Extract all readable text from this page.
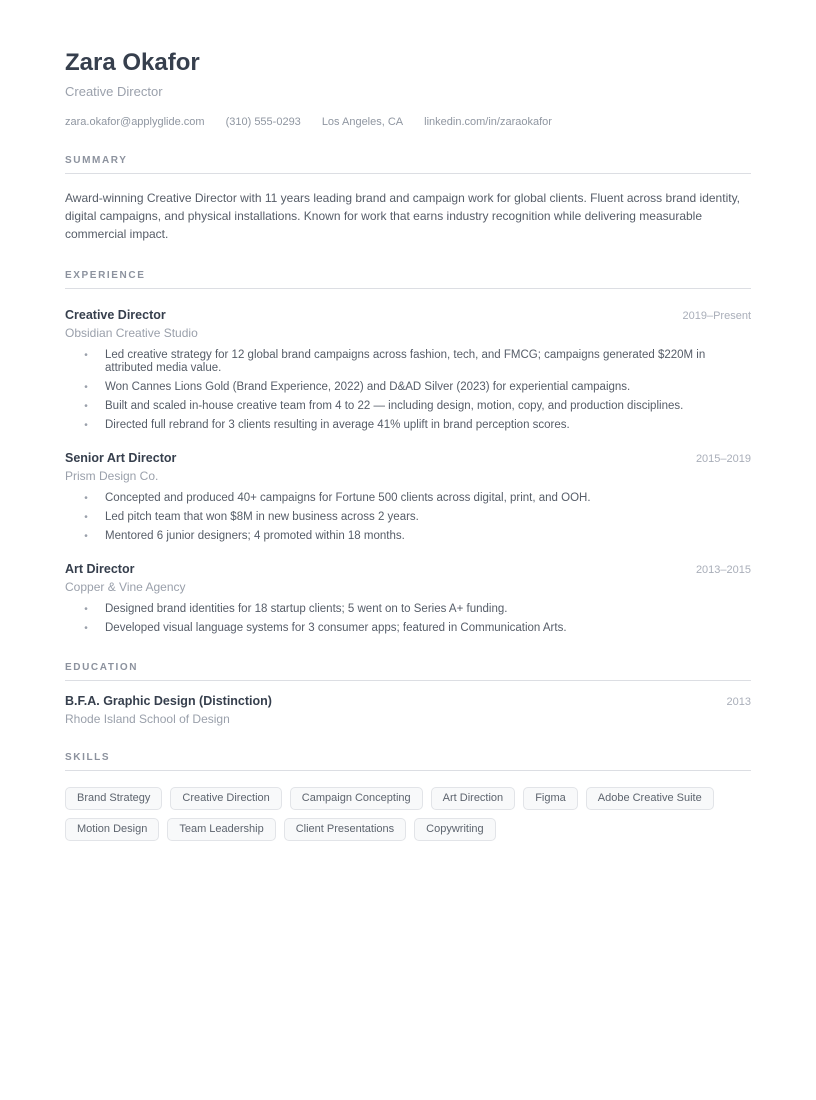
Zara Okafor
Creative Director
zara.okafor@applyglide.com (310) 555-0293 Los Angeles, CA linkedin.com/in/zaraokafor
SUMMARY
Award-winning Creative Director with 11 years leading brand and campaign work for global clients. Fluent across brand identity, digital campaigns, and physical installations. Known for work that earns industry recognition while delivering measurable commercial impact.
EXPERIENCE
Creative Director	2019–Present
Obsidian Creative Studio
•	Led creative strategy for 12 global brand campaigns across fashion, tech, and FMCG; campaigns generated $220M in attributed media value.
•	Won Cannes Lions Gold (Brand Experience, 2022) and D&AD Silver (2023) for experiential campaigns.
•	Built and scaled in-house creative team from 4 to 22 — including design, motion, copy, and production disciplines.
•	Directed full rebrand for 3 clients resulting in average 41% uplift in brand perception scores.
Senior Art Director	2015–2019
Prism Design Co.
•	Concepted and produced 40+ campaigns for Fortune 500 clients across digital, print, and OOH.
•	Led pitch team that won $8M in new business across 2 years.
•	Mentored 6 junior designers; 4 promoted within 18 months.
Art Director	2013–2015
Copper & Vine Agency
•	Designed brand identities for 18 startup clients; 5 went on to Series A+ funding.
•	Developed visual language systems for 3 consumer apps; featured in Communication Arts.
EDUCATION
B.F.A. Graphic Design (Distinction)	2013
Rhode Island School of Design
SKILLS
Brand Strategy	Creative Direction	Campaign Concepting	Art Direction	Figma	Adobe Creative Suite
Motion Design	Team Leadership	Client Presentations	Copywriting
